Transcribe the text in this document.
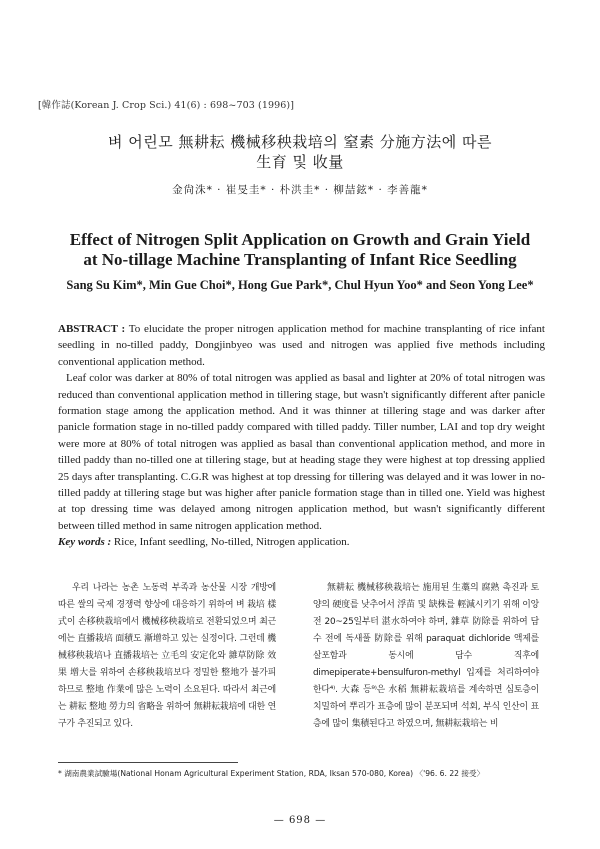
[韓作誌(Korean J. Crop Sci.) 41(6) : 698~703 (1996)]
벼 어린모 無耕耘 機械移秧栽培의 窒素 分施方法에 따른
生育 및 收量
金尙洙* · 崔旻圭* · 朴洪圭* · 柳喆鉉* · 李善龍*
Effect of Nitrogen Split Application on Growth and Grain Yield
at No-tillage Machine Transplanting of Infant Rice Seedling
Sang Su Kim*, Min Gue Choi*, Hong Gue Park*, Chul Hyun Yoo* and Seon Yong Lee*

ABSTRACT : To elucidate the proper nitrogen application method for machine transplanting of rice infant seedling in no-tilled paddy, Dongjinbyeo was used and nitrogen was applied five methods including conventional application method.

Leaf color was darker at 80% of total nitrogen was applied as basal and lighter at 20% of total nitrogen was reduced than conventional application method in tillering stage, but wasn't significantly different after panicle formation stage among the application method. And it was thinner at tillering stage and was darker after panicle formation stage in no-tilled paddy compared with tilled paddy. Tiller number, LAI and top dry weight were more at 80% of total nitrogen was applied as basal than conventional application method, and more in tilled paddy than no-tilled one at tillering stage, but at heading stage they were highest at top dressing applied 25 days after transplanting. C.G.R was highest at top dressing for tillering was delayed and it was lower in no-tilled paddy at tillering stage but was higher after panicle formation stage than in tilled one. Yield was highest at top dressing time was delayed among nitrogen application method, but wasn't significantly different between tilled method in same nitrogen application method.

Key words : Rice, Infant seedling, No-tilled, Nitrogen application.

우리 나라는 농촌 노동력 부족과 농산물 시장 개방에 따른 쌀의 국제 경쟁력 향상에 대응하기 위하여 벼 栽培 樣式이 손移秧栽培에서 機械移秧栽培로 전환되었으며 최근에는 直播栽培 面積도 漸增하고 있는 실정이다. 그런데 機械移秧栽培나 直播栽培는 立毛의 安定化와 雜草防除 效果 增大를 위하여 손移秧栽培보다 정밀한 整地가 불가피하므로 整地 作業에 많은 노력이 소요된다. 따라서 최근에는 耕耘 整地 勞力의 省略을 위하여 無耕耘栽培에 대한 연구가 추진되고 있다.

無耕耘 機械移秧栽培는 施用된 生藁의 腐熟 촉진과 토양의 硬度를 낮추어서 浮苗 및 缺株를 輕減시키기 위해 이앙전 20~25일부터 湛水하여야 하며, 雜草 防除를 위하여 담수 전에 독새풀 防除를 위해 paraquat dichloride 액제를 살포함과 동시에 담수 직후에 dimepiperate+bensulfuron-methyl 입제를 처리하여야 한다⁴⁾. 大森 등⁹⁾은 水稻 無耕耘栽培를 계속하면 심토층이 치밀하여 뿌리가 표층에 많이 분포되며 석회, 부식 인산이 표층에 많이 集積된다고 하였으며, 無耕耘栽培는 비

* 湖南農業試驗場(National Honam Agricultural Experiment Station, RDA, Iksan 570-080, Korea) 〈'96. 6. 22 接受〉
— 698 —
